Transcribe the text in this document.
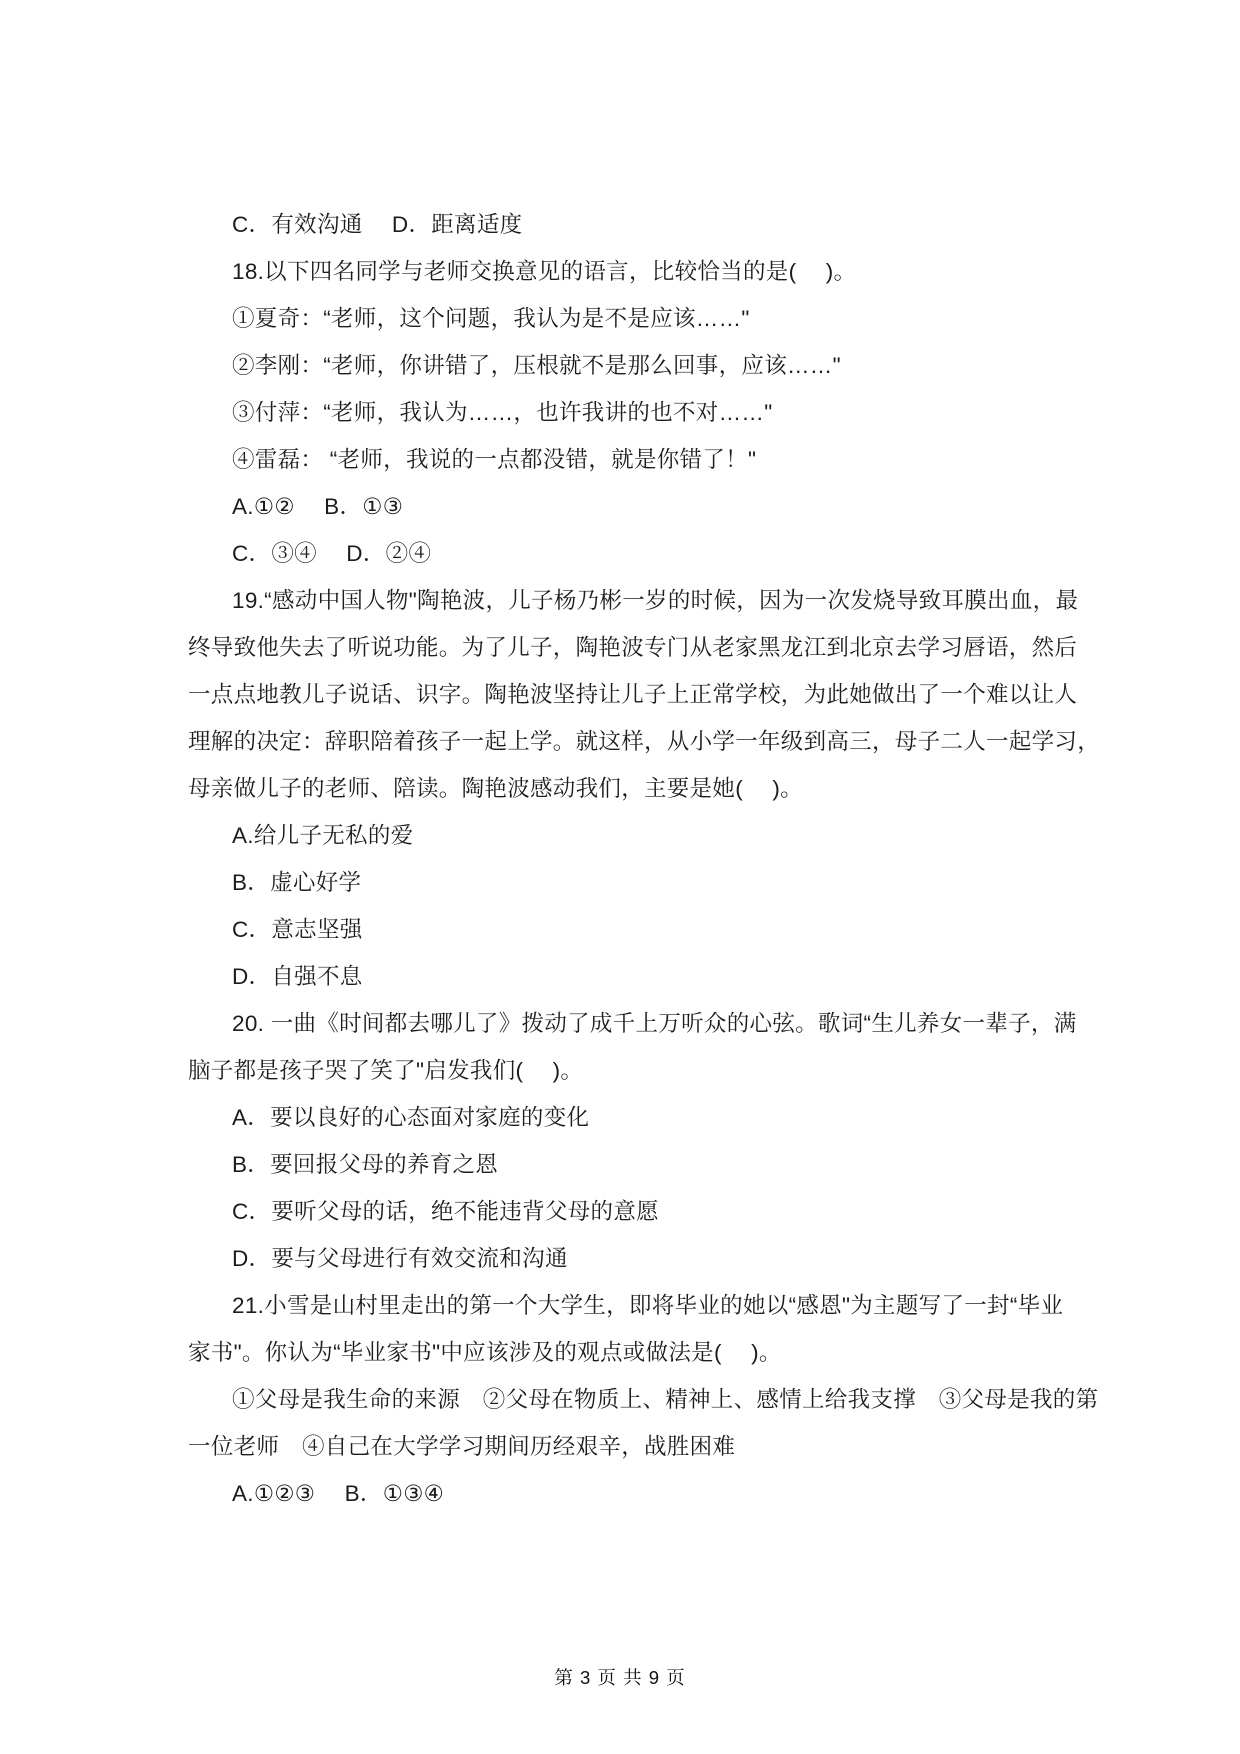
C．有效沟通　 D．距离适度
18.以下四名同学与老师交换意见的语言，比较恰当的是(　 )。
①夏奇：“老师，这个问题，我认为是不是应该……"
②李刚：“老师，你讲错了，压根就不是那么回事，应该……"
③付萍：“老师，我认为……，也许我讲的也不对……"
④雷磊： “老师，我说的一点都没错，就是你错了！"
A.①②　 B．①③
C．③④　 D．②④
19.“感动中国人物"陶艳波，儿子杨乃彬一岁的时候，因为一次发烧导致耳膜出血，最
终导致他失去了听说功能。为了儿子，陶艳波专门从老家黑龙江到北京去学习唇语，然后
一点点地教儿子说话、识字。陶艳波坚持让儿子上正常学校，为此她做出了一个难以让人
理解的决定：辞职陪着孩子一起上学。就这样，从小学一年级到高三，母子二人一起学习，
母亲做儿子的老师、陪读。陶艳波感动我们，主要是她(　 )。
A.给儿子无私的爱
B．虚心好学
C．意志坚强
D．自强不息
20. 一曲《时间都去哪儿了》拨动了成千上万听众的心弦。歌词“生儿养女一辈子，满
脑子都是孩子哭了笑了"启发我们(　 )。
A．要以良好的心态面对家庭的变化
B．要回报父母的养育之恩
C．要听父母的话，绝不能违背父母的意愿
D．要与父母进行有效交流和沟通
21.小雪是山村里走出的第一个大学生，即将毕业的她以“感恩"为主题写了一封“毕业
家书"。你认为“毕业家书"中应该涉及的观点或做法是(　 )。
①父母是我生命的来源　②父母在物质上、精神上、感情上给我支撑　③父母是我的第
一位老师　④自己在大学学习期间历经艰辛，战胜困难
A.①②③　 B．①③④
第 3 页 共 9 页
